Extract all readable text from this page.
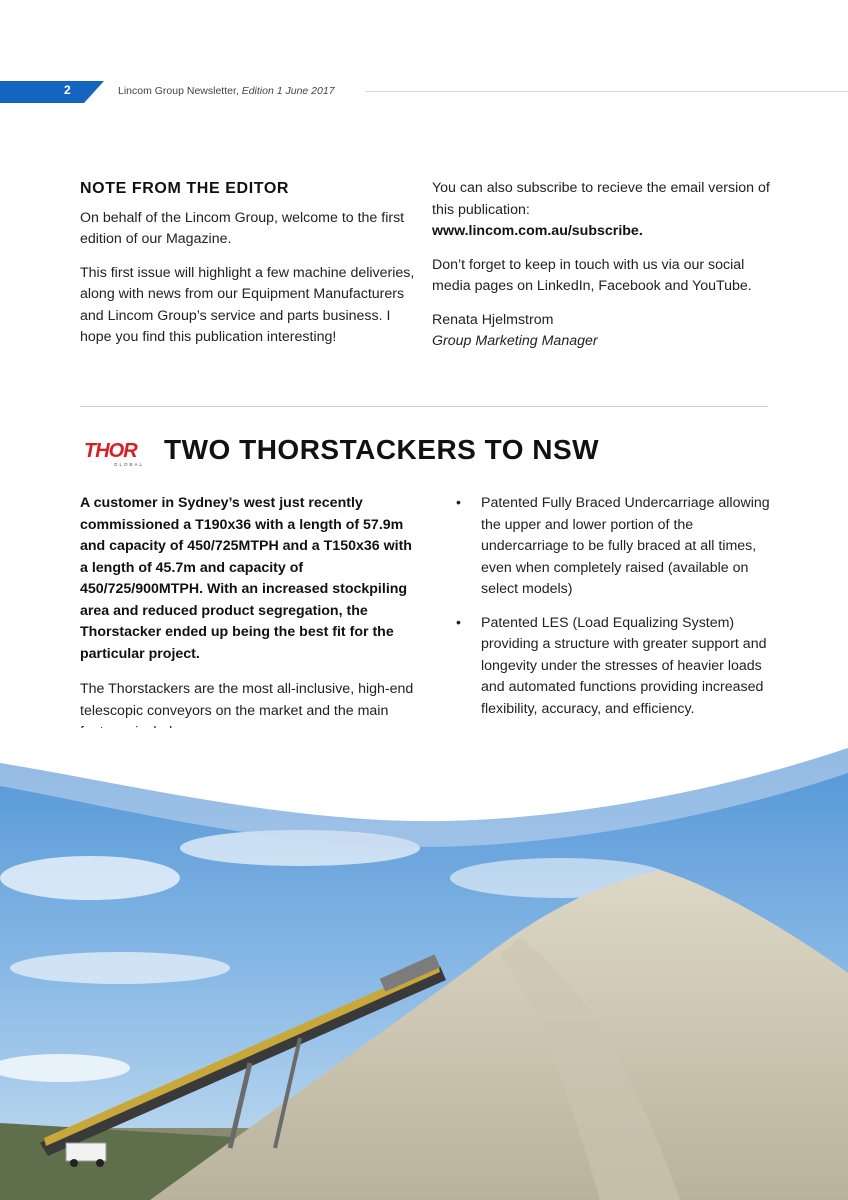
2	Lincom Group Newsletter, Edition 1 June 2017
NOTE FROM THE EDITOR

On behalf of the Lincom Group, welcome to the first edition of our Magazine.

This first issue will highlight a few machine deliveries, along with news from our Equipment Manufacturers and Lincom Group’s service and parts business. I hope you find this publication interesting!

You can also subscribe to recieve the email version of this publication:
www.lincom.com.au/subscribe.

Don’t forget to keep in touch with us via our social media pages on LinkedIn, Facebook and YouTube.

Renata Hjelmstrom
Group Marketing Manager

THOR
GLOBAL TWO THORSTACKERS TO NSW

A customer in Sydney’s west just recently commissioned a T190x36 with a length of 57.9m and capacity of 450/725MTPH and a T150x36 with a length of 45.7m and capacity of 450/725/900MTPH. With an increased stockpiling area and reduced product segregation, the Thorstacker ended up being the best fit for the particular project.

The Thorstackers are the most all-inclusive, high-end telescopic conveyors on the market and the main

• Patented Fully Braced Undercarriage allowing the upper and lower portion of the undercarriage to be fully braced at all times, even when completely raised (available on select models)
• Patented LES (Load Equalizing System) providing a structure with greater support and longevity under the stresses of heavier loads and automated functions providing increased flexibility, accuracy, and efficiency.
